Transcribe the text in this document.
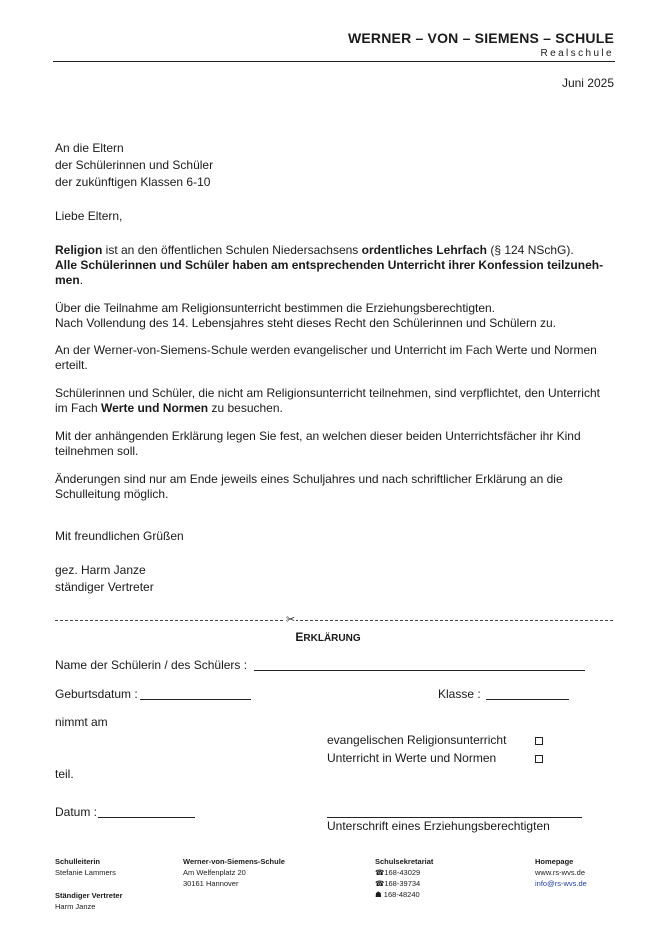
WERNER – VON – SIEMENS – SCHULE
Realschule
Juni 2025
An die Eltern
der Schülerinnen und Schüler
der zukünftigen Klassen 6-10
Liebe Eltern,
Religion ist an den öffentlichen Schulen Niedersachsens ordentliches Lehrfach (§ 124 NSchG).
Alle Schülerinnen und Schüler haben am entsprechenden Unterricht ihrer Konfession teilzuneh-
men.
Über die Teilnahme am Religionsunterricht bestimmen die Erziehungsberechtigten.
Nach Vollendung des 14. Lebensjahres steht dieses Recht den Schülerinnen und Schülern zu.
An der Werner-von-Siemens-Schule werden evangelischer und Unterricht im Fach Werte und Normen
erteilt.
Schülerinnen und Schüler, die nicht am Religionsunterricht teilnehmen, sind verpflichtet, den Unterricht
im Fach Werte und Normen zu besuchen.
Mit der anhängenden Erklärung legen Sie fest, an welchen dieser beiden Unterrichtsfächer ihr Kind
teilnehmen soll.
Änderungen sind nur am Ende jeweils eines Schuljahres und nach schriftlicher Erklärung an die
Schulleitung möglich.
Mit freundlichen Grüßen
gez. Harm Janze
ständiger Vertreter
✂
ERKLÄRUNG
Name der Schülerin / des Schülers :
Geburtsdatum :	Klasse :
nimmt am
evangelischen Religionsunterricht
Unterricht in Werte und Normen
teil.
Datum :
Unterschrift eines Erziehungsberechtigten
Schulleiterin
Stefanie Lammers
Ständiger Vertreter
Harm Janze
Werner-von-Siemens-Schule
Am Welfenplatz 20
30161 Hannover
Schulsekretariat
☎168-43029
☎168-39734
☗ 168-48240
Homepage
www.rs-wvs.de
info@rs-wvs.de
